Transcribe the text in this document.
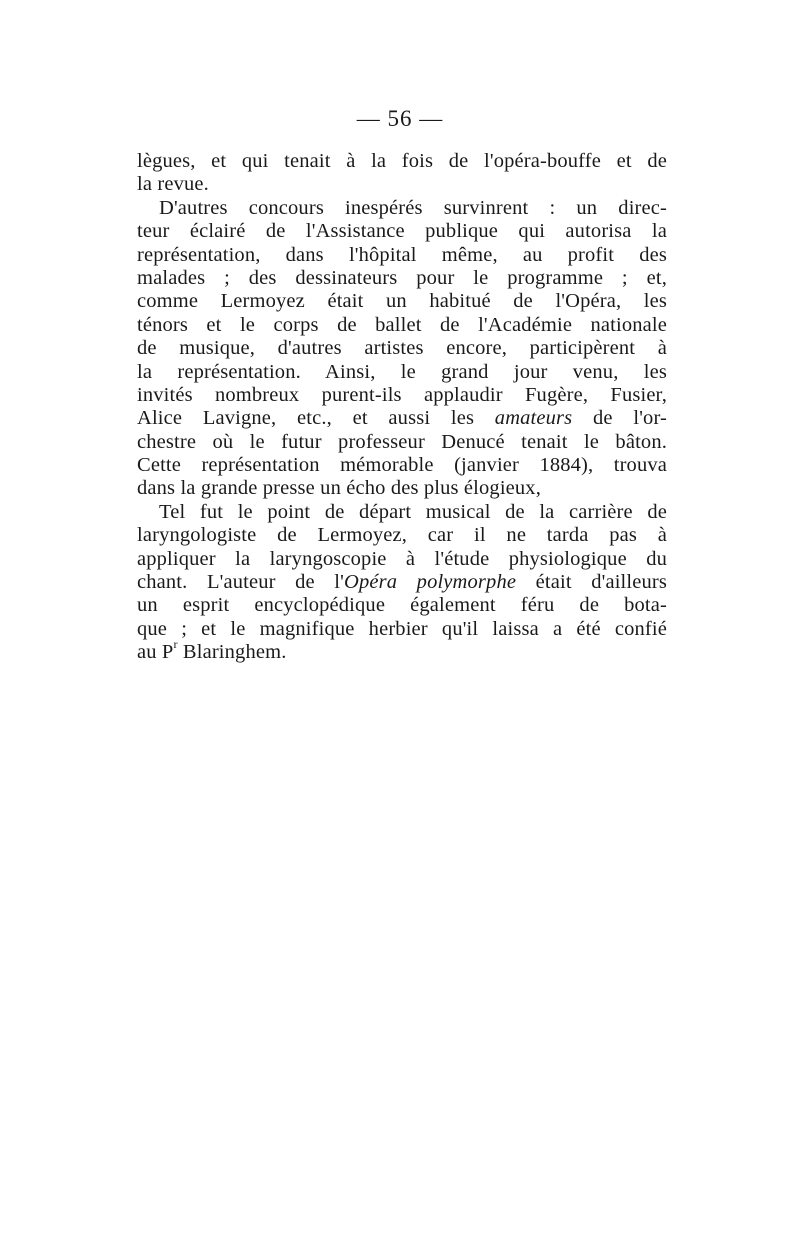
— 56 —
lègues, et qui tenait à la fois de l'opéra-bouffe et de
la revue.
D'autres concours inespérés survinrent : un direc-
teur éclairé de l'Assistance publique qui autorisa la
représentation, dans l'hôpital même, au profit des
malades ; des dessinateurs pour le programme ; et,
comme Lermoyez était un habitué de l'Opéra, les
ténors et le corps de ballet de l'Académie nationale
de musique, d'autres artistes encore, participèrent à
la représentation. Ainsi, le grand jour venu, les
invités nombreux purent-ils applaudir Fugère, Fusier,
Alice Lavigne, etc., et aussi les amateurs de l'or-
chestre où le futur professeur Denucé tenait le bâton.
Cette représentation mémorable (janvier 1884), trouva
dans la grande presse un écho des plus élogieux,
Tel fut le point de départ musical de la carrière de
laryngologiste de Lermoyez, car il ne tarda pas à
appliquer la laryngoscopie à l'étude physiologique du
chant. L'auteur de l'Opéra polymorphe était d'ailleurs
un esprit encyclopédique également féru de bota-
que ; et le magnifique herbier qu'il laissa a été confié
au $P^r$ Blaringhem.
